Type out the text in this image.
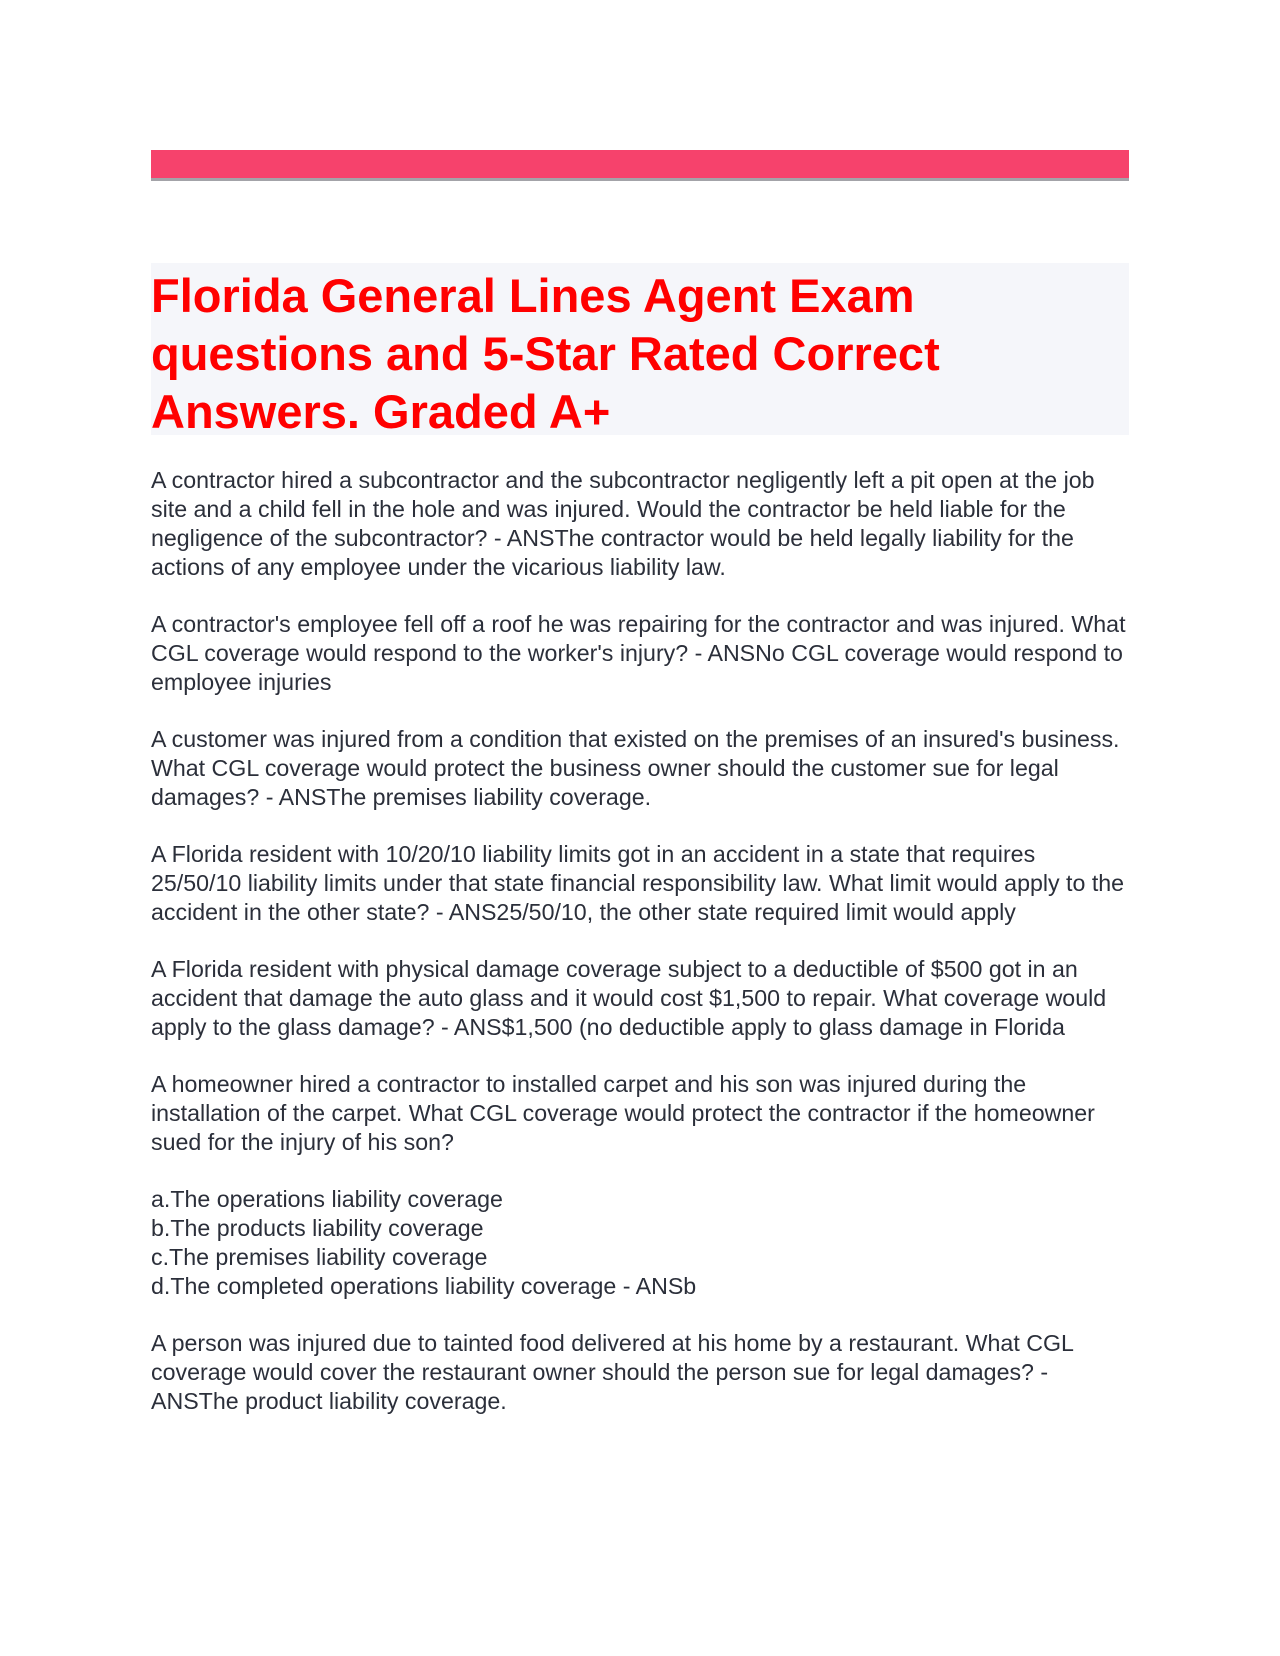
Florida General Lines Agent Exam questions and 5-Star Rated Correct Answers. Graded A+

A contractor hired a subcontractor and the subcontractor negligently left a pit open at the job site and a child fell in the hole and was injured. Would the contractor be held liable for the negligence of the subcontractor? - ANSThe contractor would be held legally liability for the actions of any employee under the vicarious liability law.

A contractor's employee fell off a roof he was repairing for the contractor and was injured. What CGL coverage would respond to the worker's injury? - ANSNo CGL coverage would respond to employee injuries

A customer was injured from a condition that existed on the premises of an insured's business. What CGL coverage would protect the business owner should the customer sue for legal damages? - ANSThe premises liability coverage.

A Florida resident with 10/20/10 liability limits got in an accident in a state that requires 25/50/10 liability limits under that state financial responsibility law. What limit would apply to the accident in the other state? - ANS25/50/10, the other state required limit would apply

A Florida resident with physical damage coverage subject to a deductible of $500 got in an accident that damage the auto glass and it would cost $1,500 to repair. What coverage would apply to the glass damage? - ANS$1,500 (no deductible apply to glass damage in Florida

A homeowner hired a contractor to installed carpet and his son was injured during the installation of the carpet. What CGL coverage would protect the contractor if the homeowner sued for the injury of his son?

a.The operations liability coverage
b.The products liability coverage
c.The premises liability coverage
d.The completed operations liability coverage - ANSb

A person was injured due to tainted food delivered at his home by a restaurant. What CGL coverage would cover the restaurant owner should the person sue for legal damages? - ANSThe product liability coverage.
